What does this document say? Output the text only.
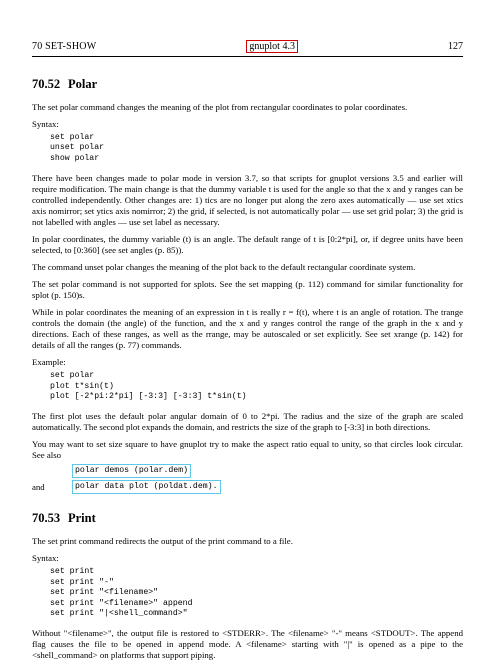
70 SET-SHOW	gnuplot 4.3	127
70.52 Polar

The set polar command changes the meaning of the plot from rectangular coordinates to polar coordinates.

Syntax:
set polar
unset polar
show polar

There have been changes made to polar mode in version 3.7, so that scripts for gnuplot versions 3.5 and earlier will require modification. The main change is that the dummy variable t is used for the angle so that the x and y ranges can be controlled independently. Other changes are: 1) tics are no longer put along the zero axes automatically — use set xtics axis nomirror; set ytics axis nomirror; 2) the grid, if selected, is not automatically polar — use set grid polar; 3) the grid is not labelled with angles — use set label as necessary.

In polar coordinates, the dummy variable (t) is an angle. The default range of t is [0:2*pi], or, if degree units have been selected, to [0:360] (see set angles (p. 85)).

The command unset polar changes the meaning of the plot back to the default rectangular coordinate system.

The set polar command is not supported for splots. See the set mapping (p. 112) command for similar functionality for splot (p. 150)s.

While in polar coordinates the meaning of an expression in t is really r = f(t), where t is an angle of rotation. The trange controls the domain (the angle) of the function, and the x and y ranges control the range of the graph in the x and y directions. Each of these ranges, as well as the rrange, may be autoscaled or set explicitly. See set xrange (p. 142) for details of all the ranges (p. 77) commands.

Example:
set polar
plot t*sin(t)
plot [-2*pi:2*pi] [-3:3] [-3:3] t*sin(t)

The first plot uses the default polar angular domain of 0 to 2*pi. The radius and the size of the graph are scaled automatically. The second plot expands the domain, and restricts the size of the graph to [-3:3] in both directions.

You may want to set size square to have gnuplot try to make the aspect ratio equal to unity, so that circles look circular. See also

polar demos (polar.dem)
and	polar data plot (poldat.dem).
70.53 Print

The set print command redirects the output of the print command to a file.

Syntax:
set print
set print "-"
set print "<filename>"
set print "<filename>" append
set print "|<shell_command>"

Without "<filename>", the output file is restored to <STDERR>. The <filename> "-" means <STDOUT>. The append flag causes the file to be opened in append mode. A <filename> starting with "|" is opened as a pipe to the <shell_command> on platforms that support piping.
